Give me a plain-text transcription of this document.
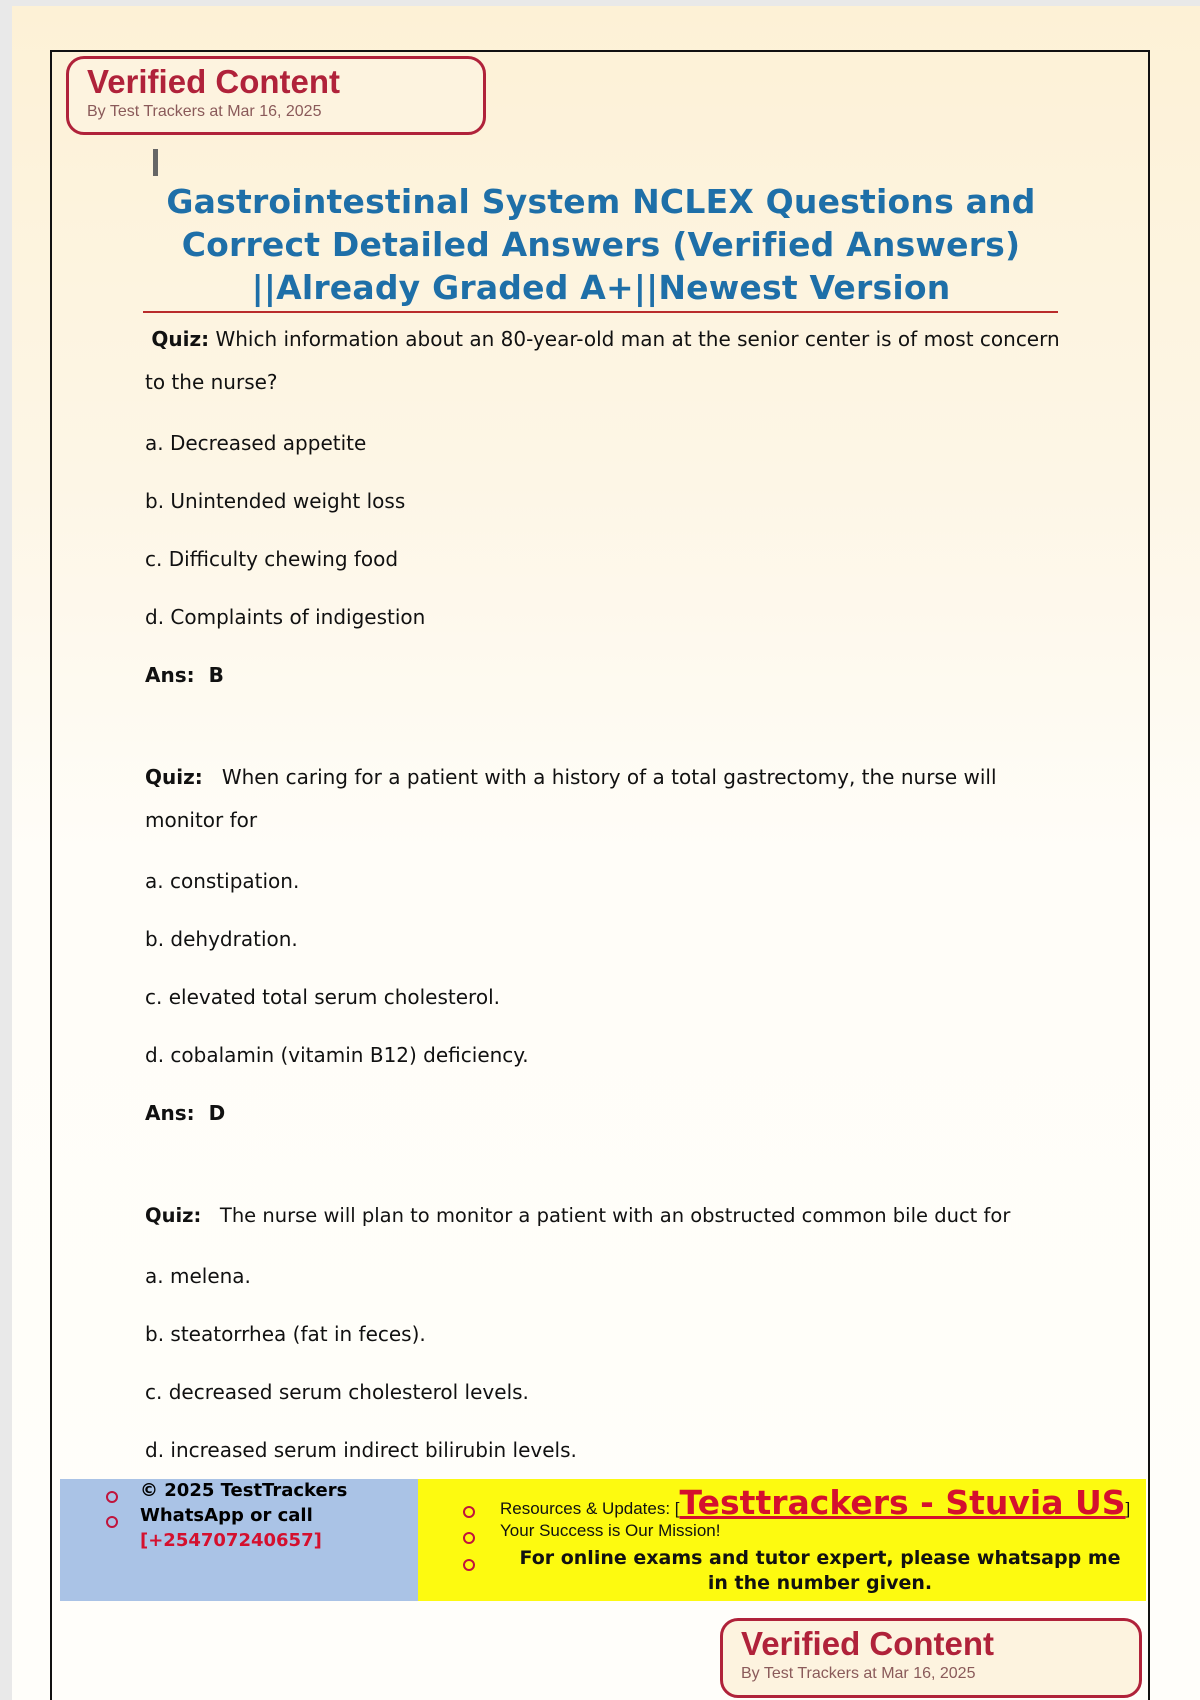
Verified Content
By Test Trackers at Mar 16, 2025
Gastrointestinal System NCLEX Questions and
Correct Detailed Answers (Verified Answers)
||Already Graded A+||Newest Version
Quiz: Which information about an 80-year-old man at the senior center is of most concern to the nurse?
a. Decreased appetite
b. Unintended weight loss
c. Difficulty chewing food
d. Complaints of indigestion
Ans: B
Quiz: When caring for a patient with a history of a total gastrectomy, the nurse will monitor for
a. constipation.
b. dehydration.
c. elevated total serum cholesterol.
d. cobalamin (vitamin B12) deficiency.
Ans: D
Quiz: The nurse will plan to monitor a patient with an obstructed common bile duct for
a. melena.
b. steatorrhea (fat in feces).
c. decreased serum cholesterol levels.
d. increased serum indirect bilirubin levels.
© 2025 TestTrackers
WhatsApp or call
[+254707240657]
Resources & Updates: [Testtrackers - Stuvia US]
Your Success is Our Mission!
For online exams and tutor expert, please whatsapp me
in the number given.
Verified Content
By Test Trackers at Mar 16, 2025
